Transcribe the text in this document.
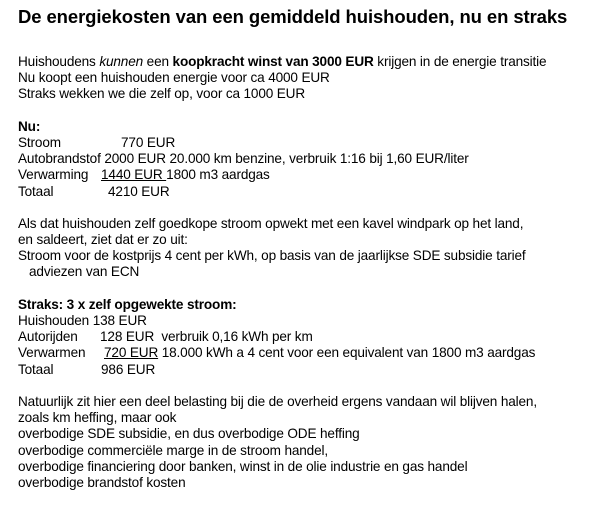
De energiekosten van een gemiddeld huishouden, nu en straks
Huishoudens kunnen een koopkracht winst van 3000 EUR krijgen in de energie transitie
Nu koopt een huishouden energie voor ca 4000 EUR
Straks wekken we die zelf op, voor ca 1000 EUR
Nu:
Stroom	770 EUR
Autobrandstof 2000 EUR 20.000 km benzine, verbruik 1:16 bij 1,60 EUR/liter
Verwarming 1440 EUR 1800 m3 aardgas
Totaal	4210 EUR
Als dat huishouden zelf goedkope stroom opwekt met een kavel windpark op het land,
en saldeert, ziet dat er zo uit:
Stroom voor de kostprijs 4 cent per kWh, op basis van de jaarlijkse SDE subsidie tarief
adviezen van ECN
Straks: 3 x zelf opgewekte stroom:
Huishouden 138 EUR
Autorijden 128 EUR  verbruik 0,16 kWh per km
Verwarmen 720 EUR 18.000 kWh a 4 cent voor een equivalent van 1800 m3 aardgas
Totaal	986 EUR
Natuurlijk zit hier een deel belasting bij die de overheid ergens vandaan wil blijven halen,
zoals km heffing, maar ook
overbodige SDE subsidie, en dus overbodige ODE heffing
overbodige commerciële marge in de stroom handel,
overbodige financiering door banken, winst in de olie industrie en gas handel
overbodige brandstof kosten
